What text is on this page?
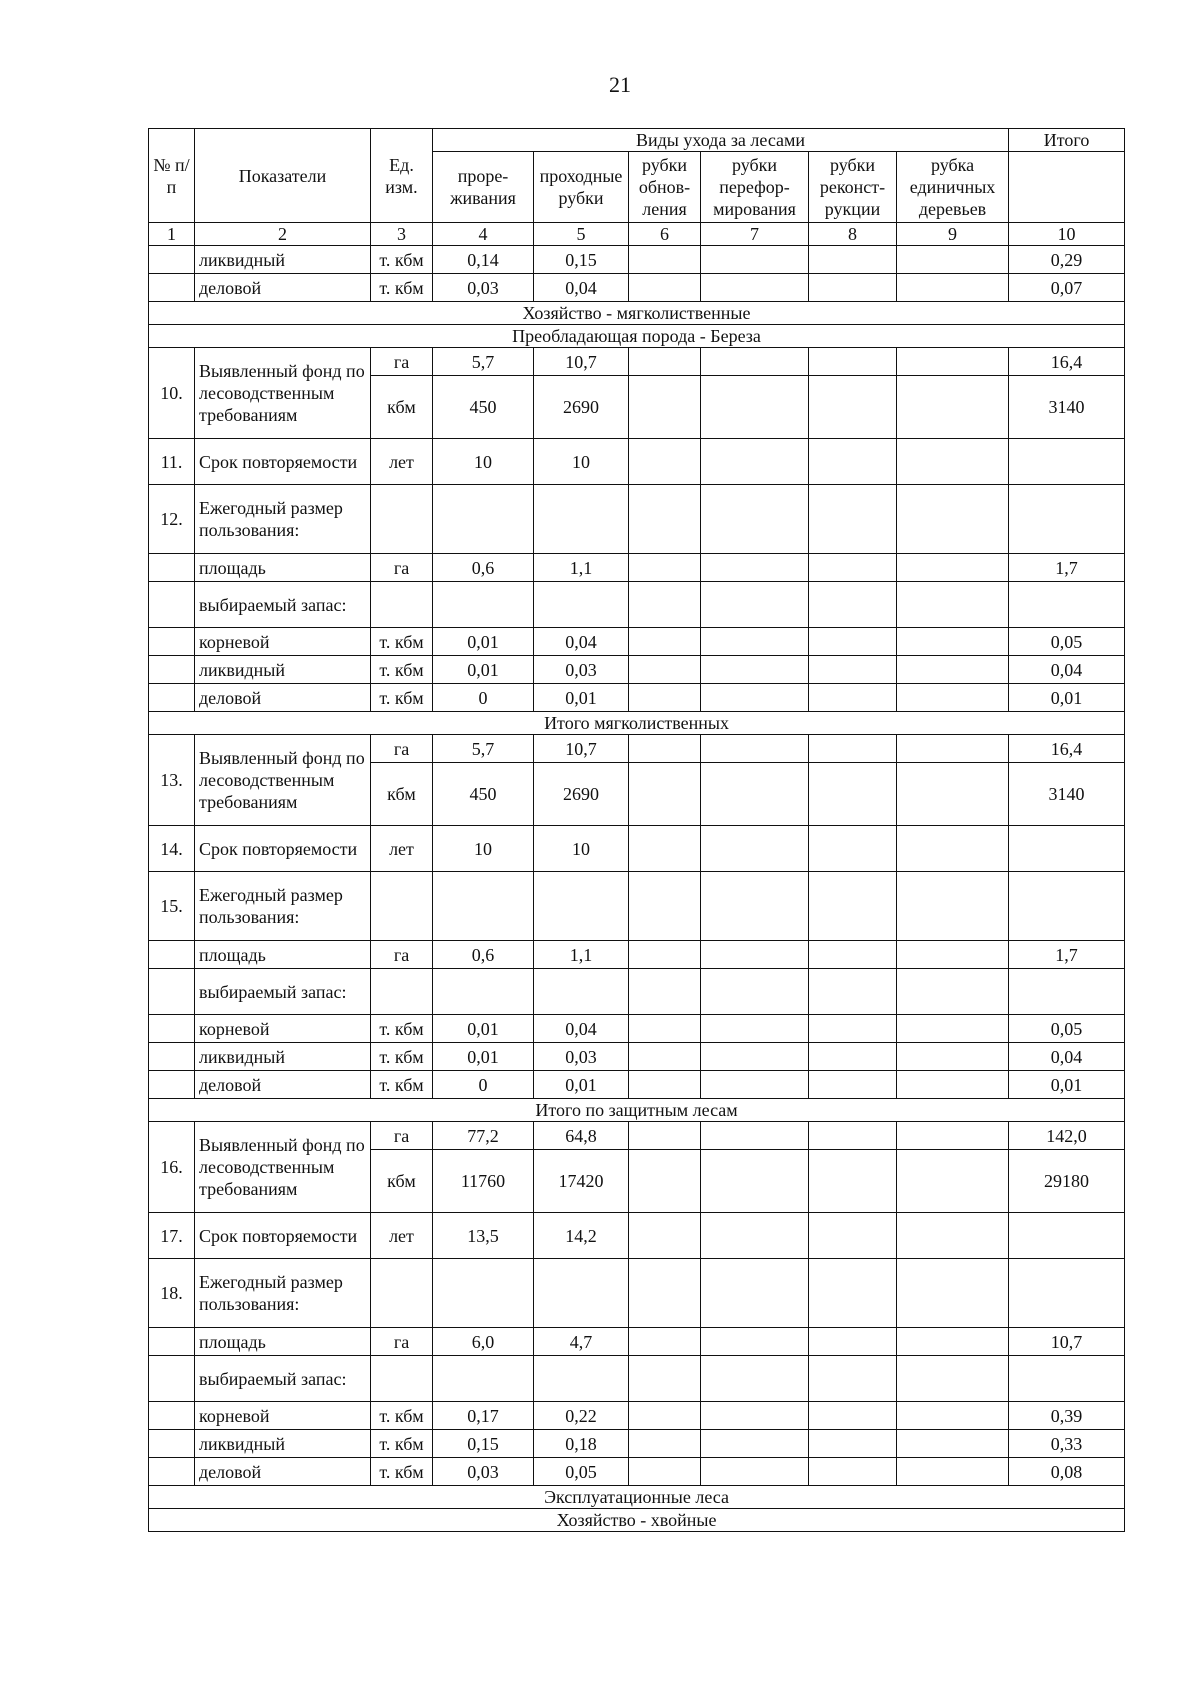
21
№ п/п	Показатели	Ед. изм.	Виды ухода за лесами						Итого
			проре-живания	проходные рубки	рубки обнов-ления	рубки перефор-мирования	рубки реконст-рукции	рубка единичных деревьев	
1	2	3	4	5	6	7	8	9	10
	ликвидный	т. кбм	0,14	0,15					0,29
	деловой	т. кбм	0,03	0,04					0,07
Хозяйство - мягколиственные									
Преобладающая порода - Береза									
10.	Выявленный фонд по лесоводственным требованиям	га	5,7	10,7					16,4
		кбм	450	2690					3140
11.	Срок повторяемости	лет	10	10					
12.	Ежегодный размер пользования:								
	площадь	га	0,6	1,1					1,7
	выбираемый запас:								
	корневой	т. кбм	0,01	0,04					0,05
	ликвидный	т. кбм	0,01	0,03					0,04
	деловой	т. кбм	0	0,01					0,01
Итого мягколиственных									
13.	Выявленный фонд по лесоводственным требованиям	га	5,7	10,7					16,4
		кбм	450	2690					3140
14.	Срок повторяемости	лет	10	10					
15.	Ежегодный размер пользования:								
	площадь	га	0,6	1,1					1,7
	выбираемый запас:								
	корневой	т. кбм	0,01	0,04					0,05
	ликвидный	т. кбм	0,01	0,03					0,04
	деловой	т. кбм	0	0,01					0,01
Итого по защитным лесам									
16.	Выявленный фонд по лесоводственным требованиям	га	77,2	64,8					142,0
		кбм	11760	17420					29180
17.	Срок повторяемости	лет	13,5	14,2					
18.	Ежегодный размер пользования:								
	площадь	га	6,0	4,7					10,7
	выбираемый запас:								
	корневой	т. кбм	0,17	0,22					0,39
	ликвидный	т. кбм	0,15	0,18					0,33
	деловой	т. кбм	0,03	0,05					0,08
Эксплуатационные леса									
Хозяйство - хвойные									
